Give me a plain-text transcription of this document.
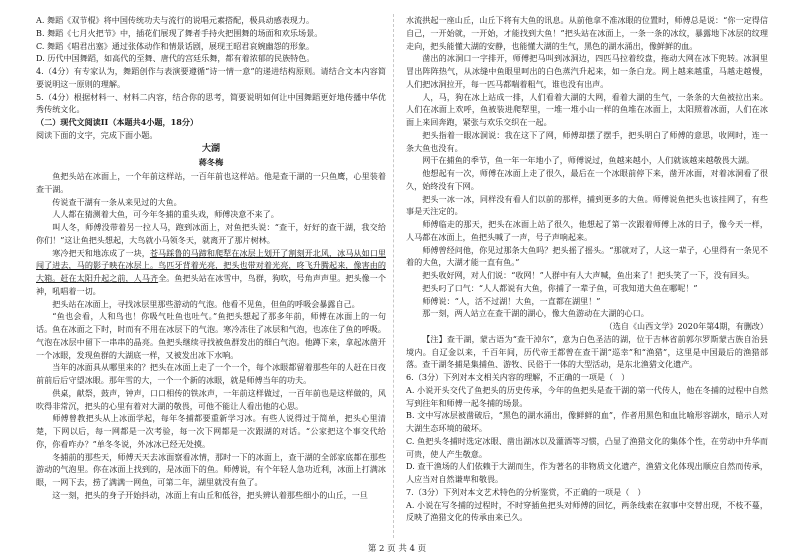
A. 舞蹈《双节棍》将中国传统功夫与流行的说唱元素搭配，极具动感表现力。

B. 舞蹈《七月火把节》中，插花们展现了舞者手持火把围舞的场面和欢乐场景。

C. 舞蹈《唱君出塞》通过张体动作和情景话剧，展现王昭君哀婉幽怨的形象。

D. 历代中国舞蹈，如高代的至舞、唐代的宫廷乐舞，都有着浓郁的民族特色。

4.（4分）有专家认为，舞蹈创作与表演要遵循“诗一情一意”的递进结构原则。请结合文本内容简要说明这一原则的理解。

5.（4分）根据材料一、材料二内容，结合你的思考，简要说明如何让中国舞蹈更好地传播中华优秀传统文化。

（二）现代文阅读II（本题共4小题，18分）

阅读下面的文字，完成下面小题。

大湖
蒋冬梅

鱼把头站在冰面上，一个年前这样站，一百年前也这样站。他是查干湖的一只鱼鹰，心里装着查干湖。

传说查干湖有一条从来见过的大鱼。

人人都在猜测着大鱼，可今年冬捕的重头戏，师傅决意不来了。

叫人冬，师傅没带着另一拉人马，跑到冰面上，对鱼把头说：“查干，好好的查干湖，我交给你们！”这让鱼把头想起，大鸟就小马领冬天，就离开了那片树林。

寒冷把天和地冻成了一块，苍马踩鲁的马蹄和爬犁在冰层上划开了割刻开北风，冰马从如口里闯了进去，马的影子映在冰层上。鸟匹牙背着光亮，把头也带对着光亮，咚飞升腾起来，像害由的大箱。赶在太阳升起之前，人马齐全。鱼把头站在冰雪中，鸟群，狗吹，号角声声里。把头像一个神，吼唱着一切。

把头站在冰面上，寻找冰层里那些游动的气泡。他看不见鱼，但鱼的呼吸会暴露自己。

“鱼也会看，人和鸟也！你吸气吐鱼也吐气。”鱼把头想起了那多年前，师傅在冰面上的一句话。鱼在冰面之下时，时而有不用在冰层下的气泡。寒冷冻住了冰层和气泡，也冻住了鱼的呼吸。气泡在冰层中留下一串串的晶亮。鱼把头继续寻找被鱼群发出的细白气泡。他蹲下来，拿起冰凿开一个冰眼，发现鱼群的大湖底一样，又被发出冰下水响。

当年的冰面具从哪里来的？把头在冰面上走了一个一个，每个冰眼都留着那些年的人赶在日夜前前后后守望冰眼。那年雪的大，一个一个新的冰眼，就是师傅当年的功夫。

供桌，献祭，鼓声，钟声，口口相传的铁冰声，一年前这样做过，一百年前也是这样做的，风吹得非常沉，把头的心里有着对大湖的敬畏，可他不能让人看出他的心思。

师傅曾教把头从上冰面学起，每年冬捕都要重新学习冰。有些人说得过于简单，把头心里清楚，下网以后，每一网都是一次考验，每一次下网都是一次跟湖的对话。“公家把这个事交代给你，你看咋办？”单冬冬说，外冰冰已经无处摸。

冬捕前的那些天，师傅天天去冰面察看冰情，那时一下的冰面上，查干湖的全部家底都在那些游动的气泡里。你在冰面上找到的，是冰面下的鱼。师傅说，有个年轻人急功近利，冰面上打满冰眼，一网下去，捞了满满一网鱼，可第二年，湖里就没有鱼了。

这一刻，把头的身子开始抖动，冰面上有山丘和低谷，把头辨认着那些细小的山丘，一旦

水流拱起一座山丘，山丘下将有大鱼的讯息。从前他拿不准冰眼的位置时，师傅总是说：“你一定得信自己，一开始就，一开始，才能找到大鱼！”把头站在冰面上，一条一条的冰纹，暴露地下冰层的纹理走向，把头能懂大湖的安静，也能懂大湖的生气，黑色的湖水涌出，像鲜鲜的血。

凿出的冰洞口一字排开，师傅把马叫到冰洞边，四匹马拉着绞盘，拖动大网在冰下兜转。冰洞里冒出阵阵热气，从冰缝中鱼眼里呵出的白色蒸汽升起来，如一条白龙。网上越来越重，马越走越慢，人们把冰洞拉开，每一匹马都喘着粗气，谁也没有出声。

人，马，狗在冰上站成一排，人们看着大湖的大网，看着大湖的生气，一条条的大鱼被拉出来。人们在冰面上欢呼，鱼被装进爬犁里，一堆一堆小山一样的鱼堆在冰面上，太阳照着冰面，人们在冰面上来回奔跑，紧张与欢乐交织在一起。

把头指着一眼冰洞说：我在这下了网，师傅却摆了摆手，把头明白了师傅的意思，收网时，连一条大鱼也没有。

网干在捕鱼的季节，鱼一年一年地小了，师傅说过，鱼越来越小，人们就该越来越敬畏大湖。

他想起有一次，师傅在冰面上走了很久，最后在一个冰眼前停下来，凿开冰面，对着冰洞看了很久，始终没有下网。

把头一冰一冰，同样没有看人们以前的那样，捕到更多的大鱼。师傅说鱼把头也该挂网了，有些事是天注定的。

师傅临走的那天，把头在冰面上站了很久，他想起了第一次跟着师傅上冰的日子，像今天一样，人马都在冰面上，鱼把头喊了一声，号子声响起来。

师傅曾经问他，你见过那条大鱼吗？把头摇了摇头。“那就对了，人这一辈子，心里得有一条见不着的大鱼，大湖才能一直有鱼。”

把头收好网，对人们说：“收网！”人群中有人大声喊，鱼出来了！把头笑了一下，没有回头。

把头叼了口气：“人人都说有大鱼，你捕了一辈子鱼，可我知道大鱼在哪呢！”

师傅说：“人，活不过湖！大鱼，一直都在湖里！”

那一刻，两人站立在查干湖的湖心，像大鱼游动在大湖的心口。

（选自《山西文学》2020年第4期，有删改）

【注】查干湖，蒙古语为“查干淖尔”，意为白色圣洁的湖，位于吉林省前郭尔罗斯蒙古族自治县境内。自辽金以来，千百年间，历代帝王都曾在查干湖“巡幸”和“渔猎”，这里是中国最后的渔猎部落。查干湖冬捕是集捕鱼、游牧、民俗于一体的大型活动，是东北渔猎文化遗产。

6.（3分）下列对本文相关内容的理解，不正确的一项是（　）

A. 小说开头交代了鱼把头的历史传承，今年的鱼把头是查干湖的第一代传人，他在冬捕的过程中自然写到往年和师傅一起冬捕的场景。

B. 文中写冰层被凿破后，“黑色的湖水涌出，像鲜鲜的血”，作者用黑色和血比喻形容湖水，暗示人对大湖生态环境的破坏。

C. 鱼把头冬捕时选定冰眼、凿出湖冰以及灌酒等习惯，凸显了渔猎文化的集体个性，在劳动中升华而可贵，使人产生敬意。

D. 查干渔场的人们依赖于大湖而生，作为著名的非物质文化遗产，渔猎文化体现出顺应自然而传承，人应当对自然谦卑和敬畏。

7.（3分）下列对本文艺术特色的分析鉴赏，不正确的一项是（　）

A. 小说在写冬捕的过程时，不时穿插鱼把头对师傅的回忆，两条线索在叙事中交替出现，不枝不蔓，反映了渔猎文化的传承由来已久。

第 2 页 共 4 页
